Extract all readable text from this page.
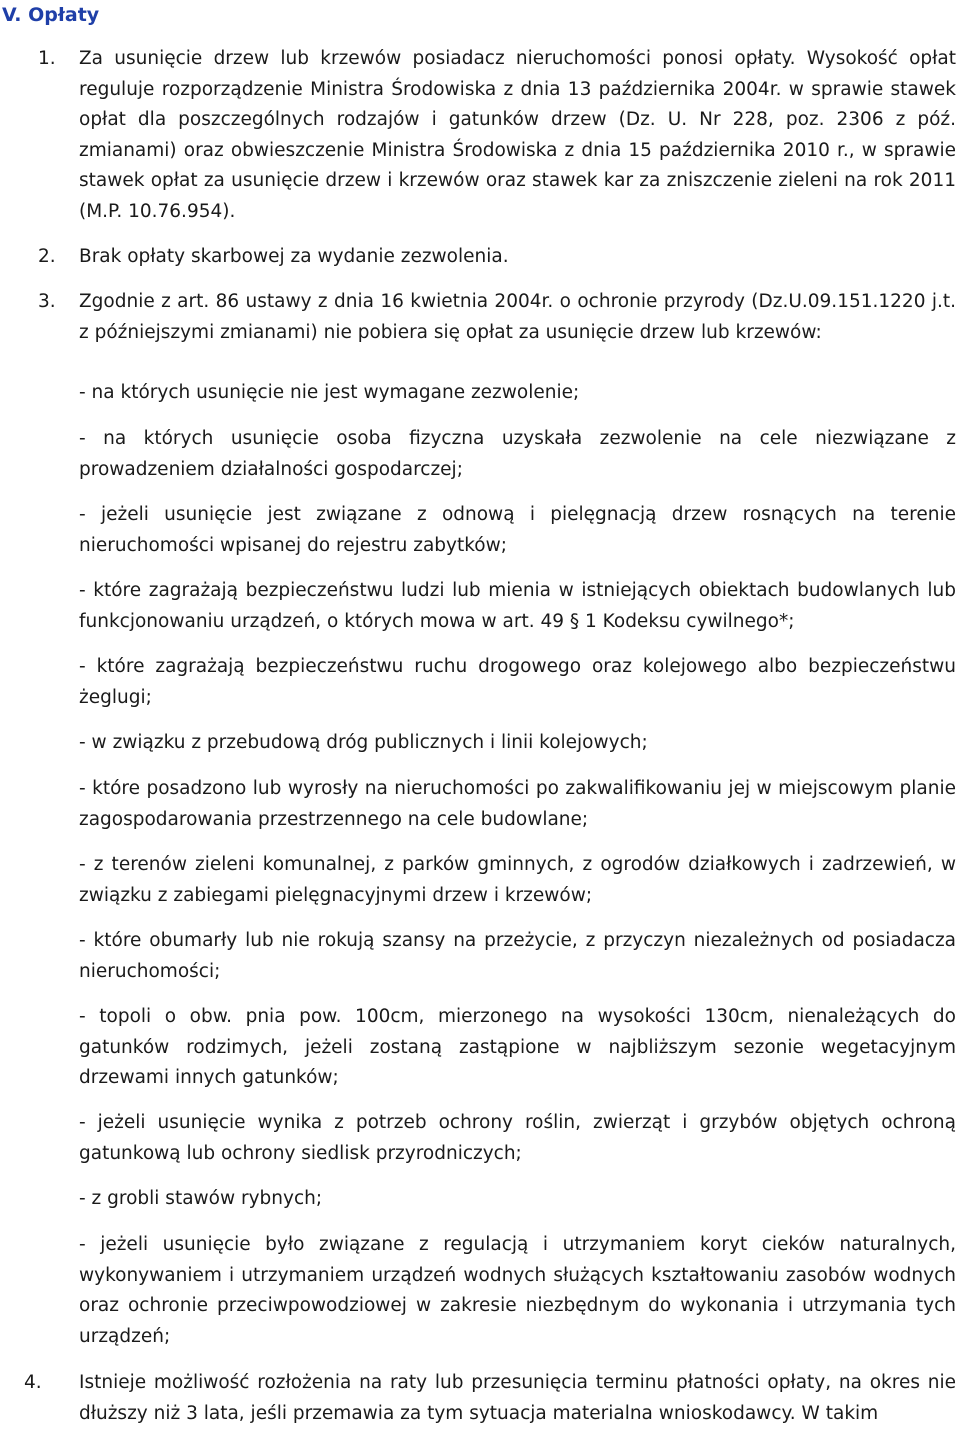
V. Opłaty
1. Za usunięcie drzew lub krzewów posiadacz nieruchomości ponosi opłaty. Wysokość opłat reguluje rozporządzenie Ministra Środowiska z dnia 13 października 2004r. w sprawie stawek opłat dla poszczególnych rodzajów i gatunków drzew (Dz. U. Nr 228, poz. 2306 z póź. zmianami) oraz obwieszczenie Ministra Środowiska z dnia 15 października 2010 r., w sprawie stawek opłat za usunięcie drzew i krzewów oraz stawek kar za zniszczenie zieleni na rok 2011 (M.P. 10.76.954).
2. Brak opłaty skarbowej za wydanie zezwolenia.
3. Zgodnie z art. 86 ustawy z dnia 16 kwietnia 2004r. o ochronie przyrody (Dz.U.09.151.1220 j.t. z późniejszymi zmianami) nie pobiera się opłat za usunięcie drzew lub krzewów:
- na których usunięcie nie jest wymagane zezwolenie;
- na których usunięcie osoba fizyczna uzyskała zezwolenie na cele niezwiązane z prowadzeniem działalności gospodarczej;
- jeżeli usunięcie jest związane z odnową i pielęgnacją drzew rosnących na terenie nieruchomości wpisanej do rejestru zabytków;
- które zagrażają bezpieczeństwu ludzi lub mienia w istniejących obiektach budowlanych lub funkcjonowaniu urządzeń, o których mowa w art. 49 § 1 Kodeksu cywilnego*;
- które zagrażają bezpieczeństwu ruchu drogowego oraz kolejowego albo bezpieczeństwu żeglugi;
- w związku z przebudową dróg publicznych i linii kolejowych;
- które posadzono lub wyrosły na nieruchomości po zakwalifikowaniu jej w miejscowym planie zagospodarowania przestrzennego na cele budowlane;
- z terenów zieleni komunalnej, z parków gminnych, z ogrodów działkowych i zadrzewień, w związku z zabiegami pielęgnacyjnymi drzew i krzewów;
- które obumarły lub nie rokują szansy na przeżycie, z przyczyn niezależnych od posiadacza nieruchomości;
- topoli o obw. pnia pow. 100cm, mierzonego na wysokości 130cm, nienależących do gatunków rodzimych, jeżeli zostaną zastąpione w najbliższym sezonie wegetacyjnym drzewami innych gatunków;
- jeżeli usunięcie wynika z potrzeb ochrony roślin, zwierząt i grzybów objętych ochroną gatunkową lub ochrony siedlisk przyrodniczych;
- z grobli stawów rybnych;
- jeżeli usunięcie było związane z regulacją i utrzymaniem koryt cieków naturalnych, wykonywaniem i utrzymaniem urządzeń wodnych służących kształtowaniu zasobów wodnych oraz ochronie przeciwpowodziowej w zakresie niezbędnym do wykonania i utrzymania tych urządzeń;
4. Istnieje możliwość rozłożenia na raty lub przesunięcia terminu płatności opłaty, na okres nie dłuższy niż 3 lata, jeśli przemawia za tym sytuacja materialna wnioskodawcy. W takim
